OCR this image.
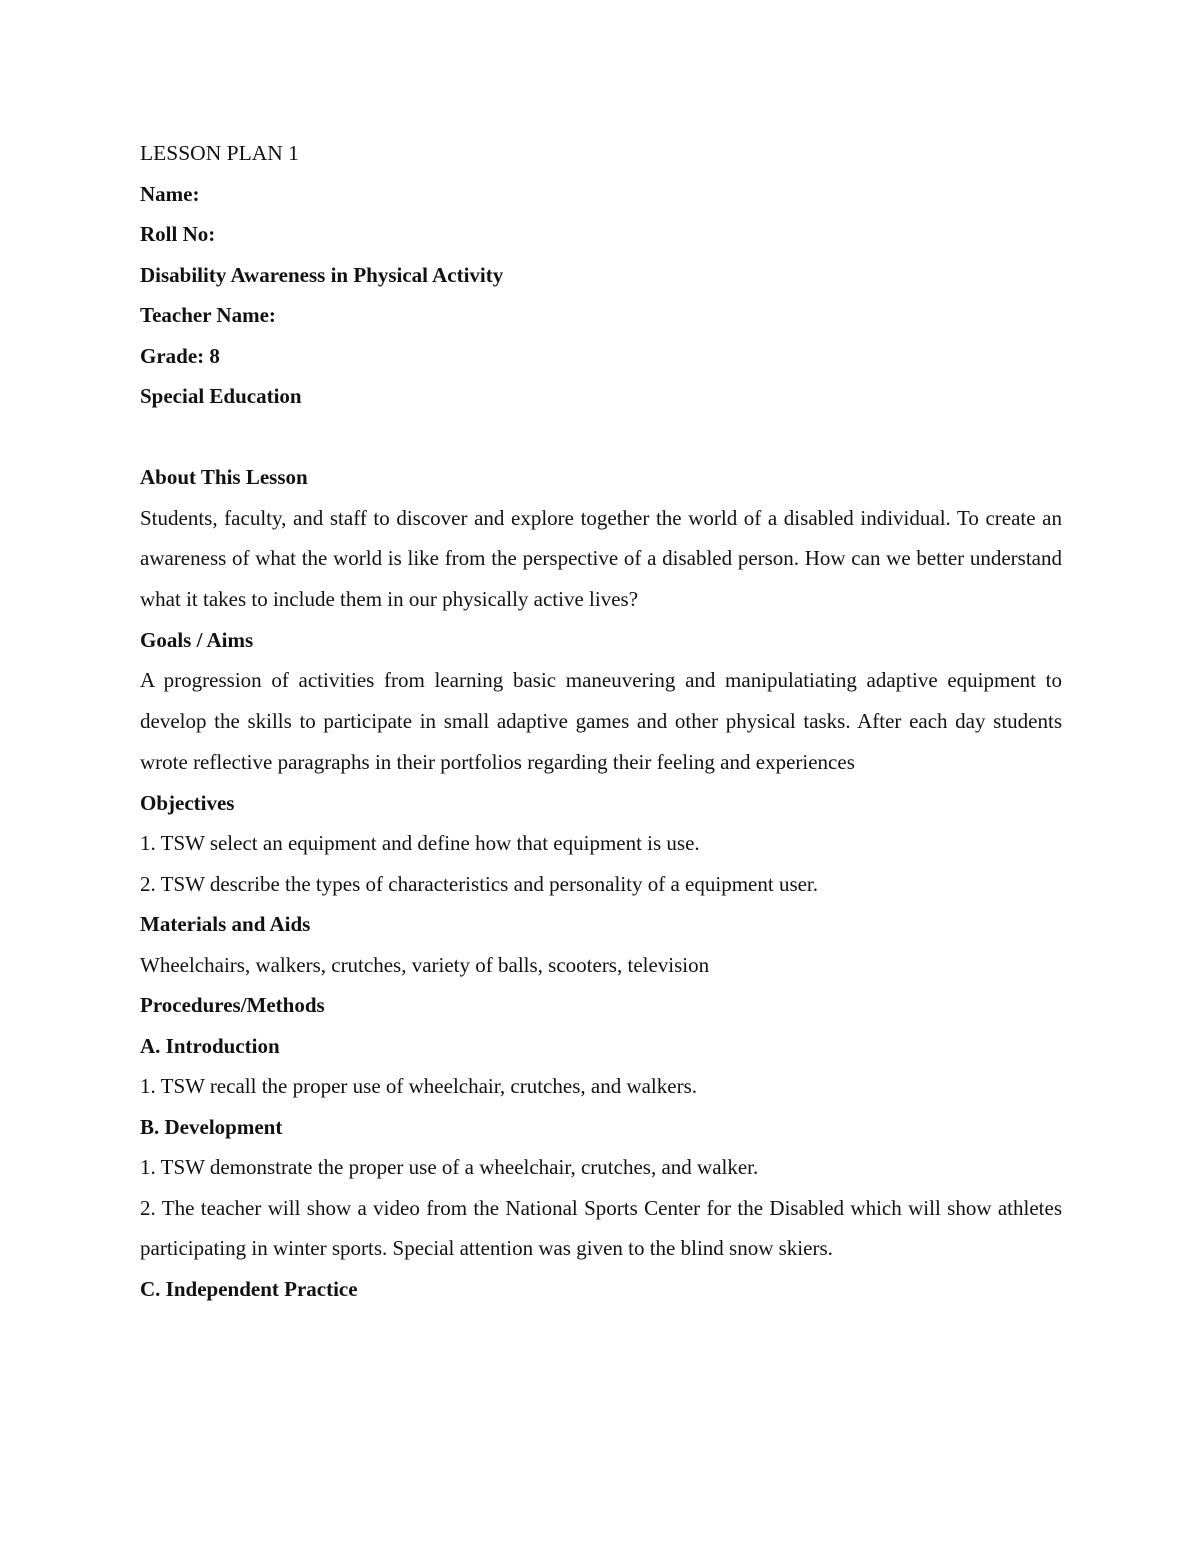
LESSON PLAN 1

Name:

Roll No:

Disability Awareness in Physical Activity

Teacher Name:

Grade: 8

Special Education

About This Lesson

Students, faculty, and staff to discover and explore together the world of a disabled individual. To create an awareness of what the world is like from the perspective of a disabled person. How can we better understand what it takes to include them in our physically active lives?

Goals / Aims

A progression of activities from learning basic maneuvering and manipulatiating adaptive equipment to develop the skills to participate in small adaptive games and other physical tasks. After each day students wrote reflective paragraphs in their portfolios regarding their feeling and experiences

Objectives

1. TSW select an equipment and define how that equipment is use.

2. TSW describe the types of characteristics and personality of a equipment user.

Materials and Aids

Wheelchairs, walkers, crutches, variety of balls, scooters, television

Procedures/Methods

A. Introduction

1. TSW recall the proper use of wheelchair, crutches, and walkers.

B. Development

1. TSW demonstrate the proper use of a wheelchair, crutches, and walker.

2. The teacher will show a video from the National Sports Center for the Disabled which will show athletes participating in winter sports. Special attention was given to the blind snow skiers.

C. Independent Practice
